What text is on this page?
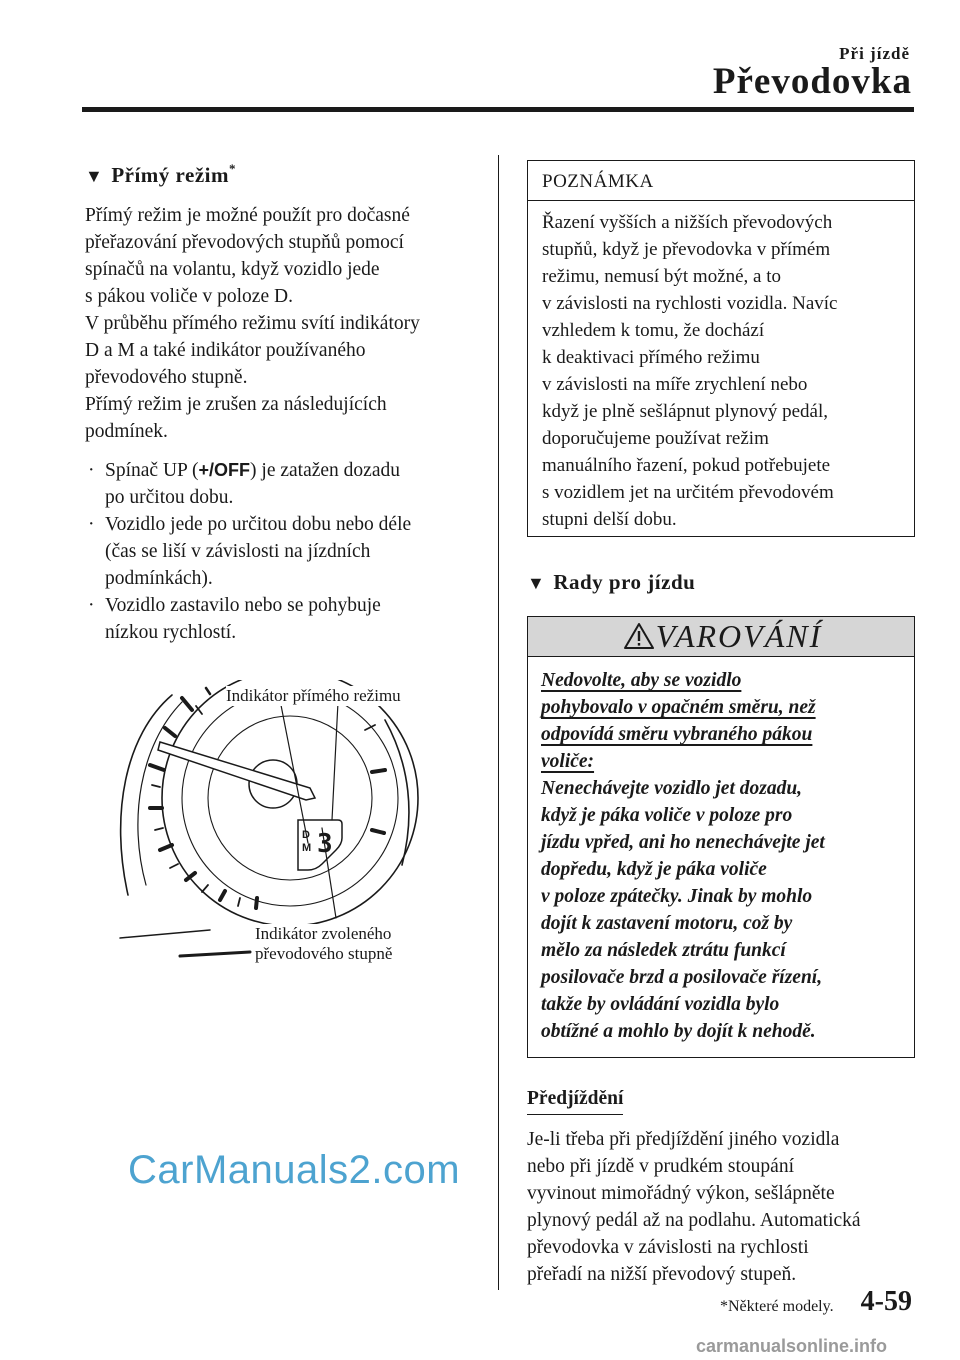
Při jízdě
Převodovka
▼ Přímý režim*

Přímý režim je možné použít pro dočasné
přeřazování převodových stupňů pomocí
spínačů na volantu, když vozidlo jede
s pákou voliče v poloze D.
V průběhu přímého režimu svítí indikátory
D a M a také indikátor používaného
převodového stupně.
Přímý režim je zrušen za následujících
podmínek.

· Spínač UP (+/OFF) je zatažen dozadu
po určitou dobu.
· Vozidlo jede po určitou dobu nebo déle
(čas se liší v závislosti na jízdních
podmínkách).
· Vozidlo zastavilo nebo se pohybuje
nízkou rychlostí.
D
M 3
Indikátor přímého režimu
Indikátor zvoleného
převodového stupně
POZNÁMKA
Řazení vyšších a nižších převodových
stupňů, když je převodovka v přímém
režimu, nemusí být možné, a to
v závislosti na rychlosti vozidla. Navíc
vzhledem k tomu, že dochází
k deaktivaci přímého režimu
v závislosti na míře zrychlení nebo
když je plně sešlápnut plynový pedál,
doporučujeme používat režim
manuálního řazení, pokud potřebujete
s vozidlem jet na určitém převodovém
stupni delší dobu.
▼ Rady pro jízdu
VAROVÁNÍ
Nedovolte, aby se vozidlo
pohybovalo v opačném směru, než
odpovídá směru vybraného pákou
voliče:
Nenechávejte vozidlo jet dozadu,
když je páka voliče v poloze pro
jízdu vpřed, ani ho nenechávejte jet
dopředu, když je páka voliče
v poloze zpátečky. Jinak by mohlo
dojít k zastavení motoru, což by
mělo za následek ztrátu funkcí
posilovače brzd a posilovače řízení,
takže by ovládání vozidla bylo
obtížné a mohlo by dojít k nehodě.
Předjíždění
Je-li třeba při předjíždění jiného vozidla
nebo při jízdě v prudkém stoupání
vyvinout mimořádný výkon, sešlápněte
plynový pedál až na podlahu. Automatická
převodovka v závislosti na rychlosti
přeřadí na nižší převodový stupeň.
*Některé modely. 4-59
CarManuals2.com
carmanualsonline.info
